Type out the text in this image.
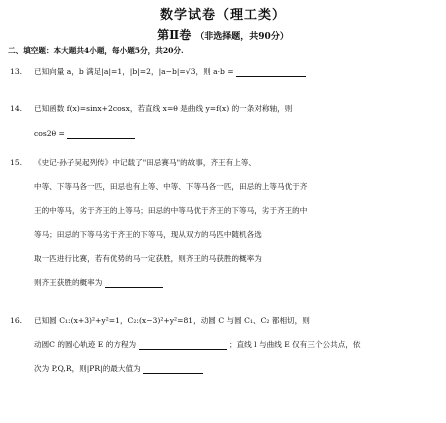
数学试卷（理工类）
第Ⅱ卷 （非选择题，共90分）
二、填空题：本大题共4小题，每小题5分，共20分.
13. 已知向量 a，b 满足|a|=1，|b|=2，|a−b|=√3，则 a·b =
14. 已知函数 f(x)=sinx+2cosx，若直线 x=θ 是曲线 y=f(x) 的一条对称轴，则
cos2θ =
15. 《史记·孙子吴起列传》中记载了"田忌赛马"的故事，齐王有上等、
中等、下等马各一匹，田忌也有上等、中等、下等马各一匹，田忌的上等马优于齐
王的中等马，劣于齐王的上等马；田忌的中等马优于齐王的下等马，劣于齐王的中
等马；田忌的下等马劣于齐王的下等马，现从双方的马匹中随机各选
取一匹进行比赛，若有优势的马一定获胜，则齐王的马获胜的概率为
则齐王获胜的概率为
16. 已知圆 C₁:(x+3)²+y²=1，C₂:(x−3)²+y²=81，动圆 C 与圆 C₁、C₂ 都相切，则
动圆C 的圆心轨迹 E 的方程为	；直线 l 与曲线 E 仅有三个公共点，依
次为 P,Q,R，则|PR|的最大值为
